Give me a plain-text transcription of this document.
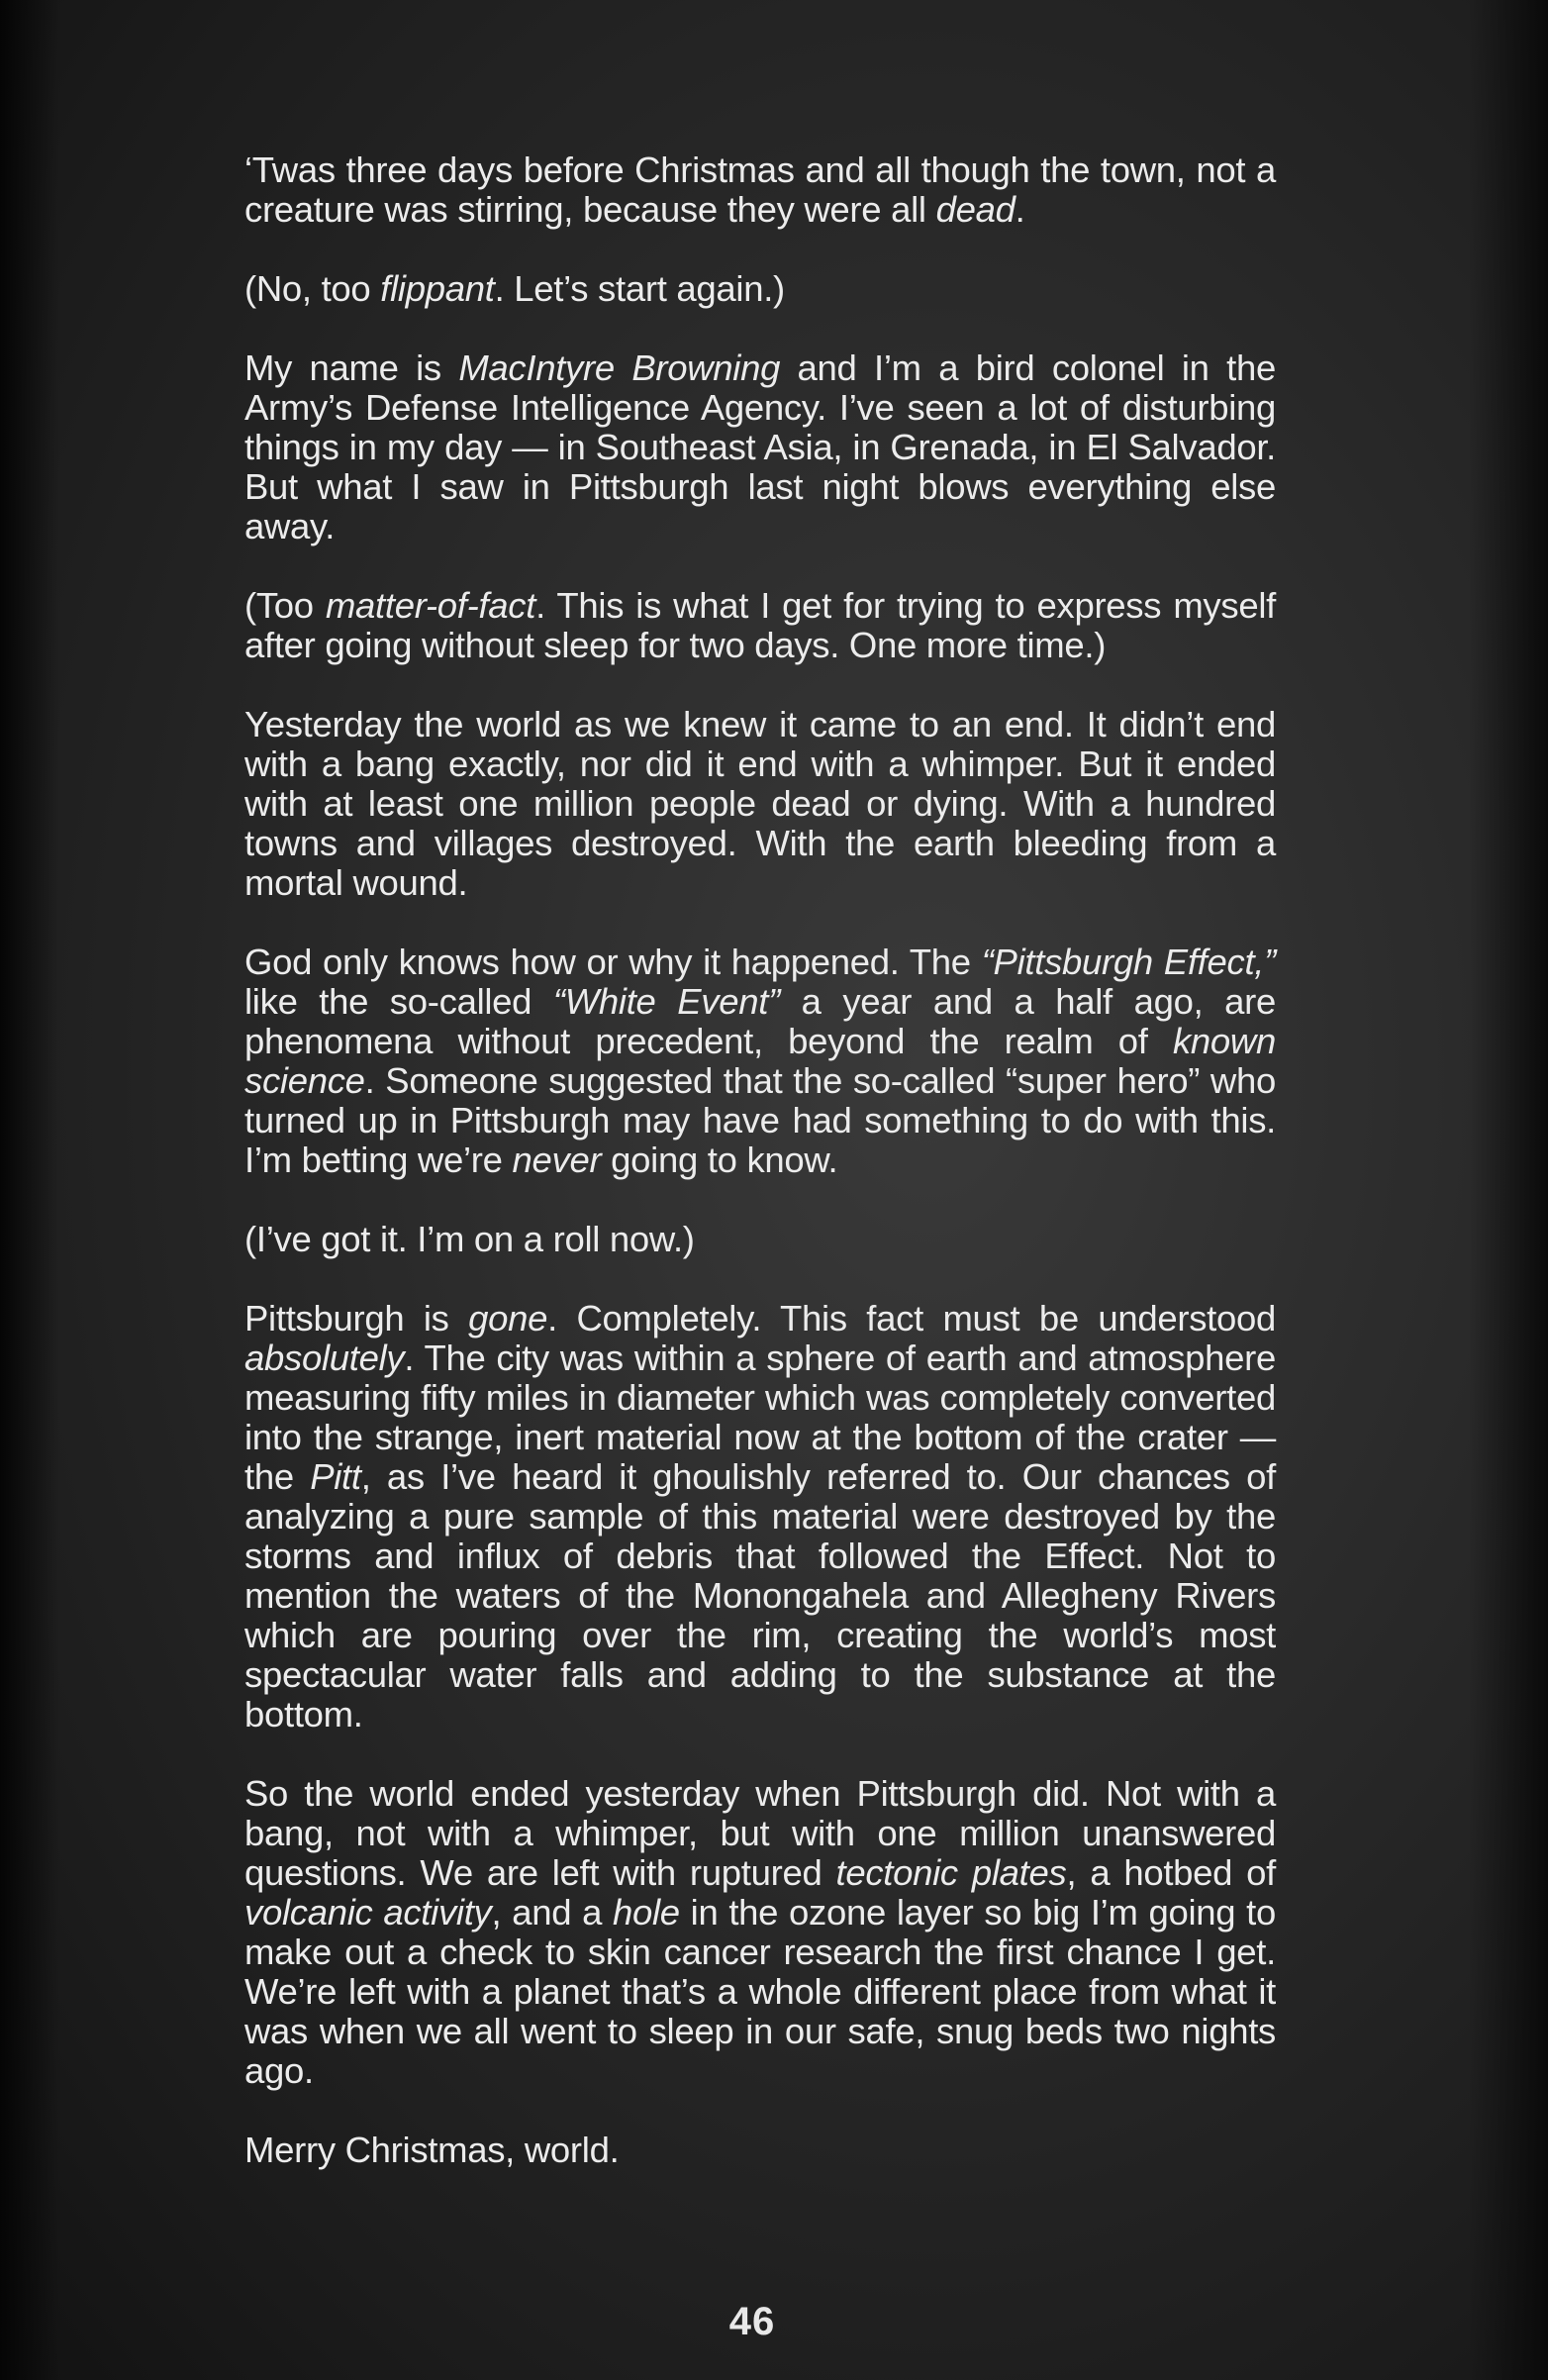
‘Twas three days before Christmas and all though the town, not a creature was stirring, because they were all dead.

(No, too flippant. Let’s start again.)

My name is MacIntyre Browning and I’m a bird colonel in the Army’s Defense Intelligence Agency. I’ve seen a lot of disturbing things in my day — in Southeast Asia, in Grenada, in El Salvador. But what I saw in Pittsburgh last night blows everything else away.

(Too matter-of-fact. This is what I get for trying to express myself after going without sleep for two days. One more time.)

Yesterday the world as we knew it came to an end. It didn’t end with a bang exactly, nor did it end with a whimper. But it ended with at least one million people dead or dying. With a hundred towns and villages destroyed. With the earth bleeding from a mortal wound.

God only knows how or why it happened. The “Pittsburgh Effect,” like the so-called “White Event” a year and a half ago, are phenomena without precedent, beyond the realm of known science. Someone suggested that the so-called “super hero” who turned up in Pittsburgh may have had something to do with this. I’m betting we’re never going to know.

(I’ve got it. I’m on a roll now.)

Pittsburgh is gone. Completely. This fact must be understood absolutely. The city was within a sphere of earth and atmosphere measuring fifty miles in diameter which was completely converted into the strange, inert material now at the bottom of the crater — the Pitt, as I’ve heard it ghoulishly referred to. Our chances of analyzing a pure sample of this material were destroyed by the storms and influx of debris that followed the Effect. Not to mention the waters of the Monongahela and Allegheny Rivers which are pouring over the rim, creating the world’s most spectacular water falls and adding to the substance at the bottom.

So the world ended yesterday when Pittsburgh did. Not with a bang, not with a whimper, but with one million unanswered questions. We are left with ruptured tectonic plates, a hotbed of volcanic activity, and a hole in the ozone layer so big I’m going to make out a check to skin cancer research the first chance I get. We’re left with a planet that’s a whole different place from what it was when we all went to sleep in our safe, snug beds two nights ago.

Merry Christmas, world.

46
